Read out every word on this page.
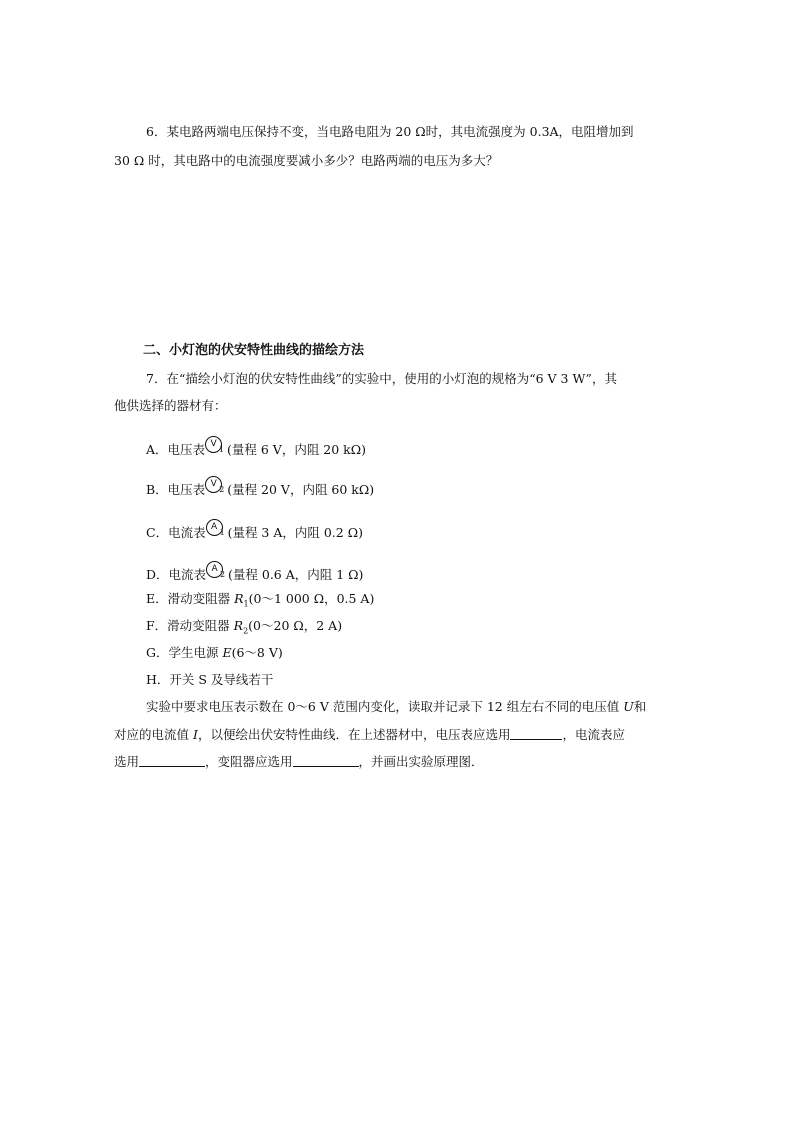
6．某电路两端电压保持不变，当电路电阻为 20 Ω时，其电流强度为 0.3A，电阻增加到
30 Ω 时，其电路中的电流强度要减小多少？电路两端的电压为多大？
二、小灯泡的伏安特性曲线的描绘方法
7．在“描绘小灯泡的伏安特性曲线”的实验中，使用的小灯泡的规格为“6 V 3 W”，其
他供选择的器材有：
A．电压表 V
1 (量程 6 V，内阻 20 kΩ)
B．电压表 V
2 (量程 20 V，内阻 60 kΩ)
C．电流表 A
1 (量程 3 A，内阻 0.2 Ω)
D．电流表 A
2 (量程 0.6 A，内阻 1 Ω)
E．滑动变阻器 $R_1(0\sim 1$ 000 Ω，0.5 A)
F．滑动变阻器 $R_2(0\sim 20$ Ω，2 A)
G．学生电源 E(6～8 V)
H．开关 S 及导线若干
实验中要求电压表示数在 0～6 V 范围内变化，读取并记录下 12 组左右不同的电压值 U和
对应的电流值 I，以便绘出伏安特性曲线．在上述器材中，电压表应选用	，电流表应
选用	，变阻器应选用	，并画出实验原理图．
